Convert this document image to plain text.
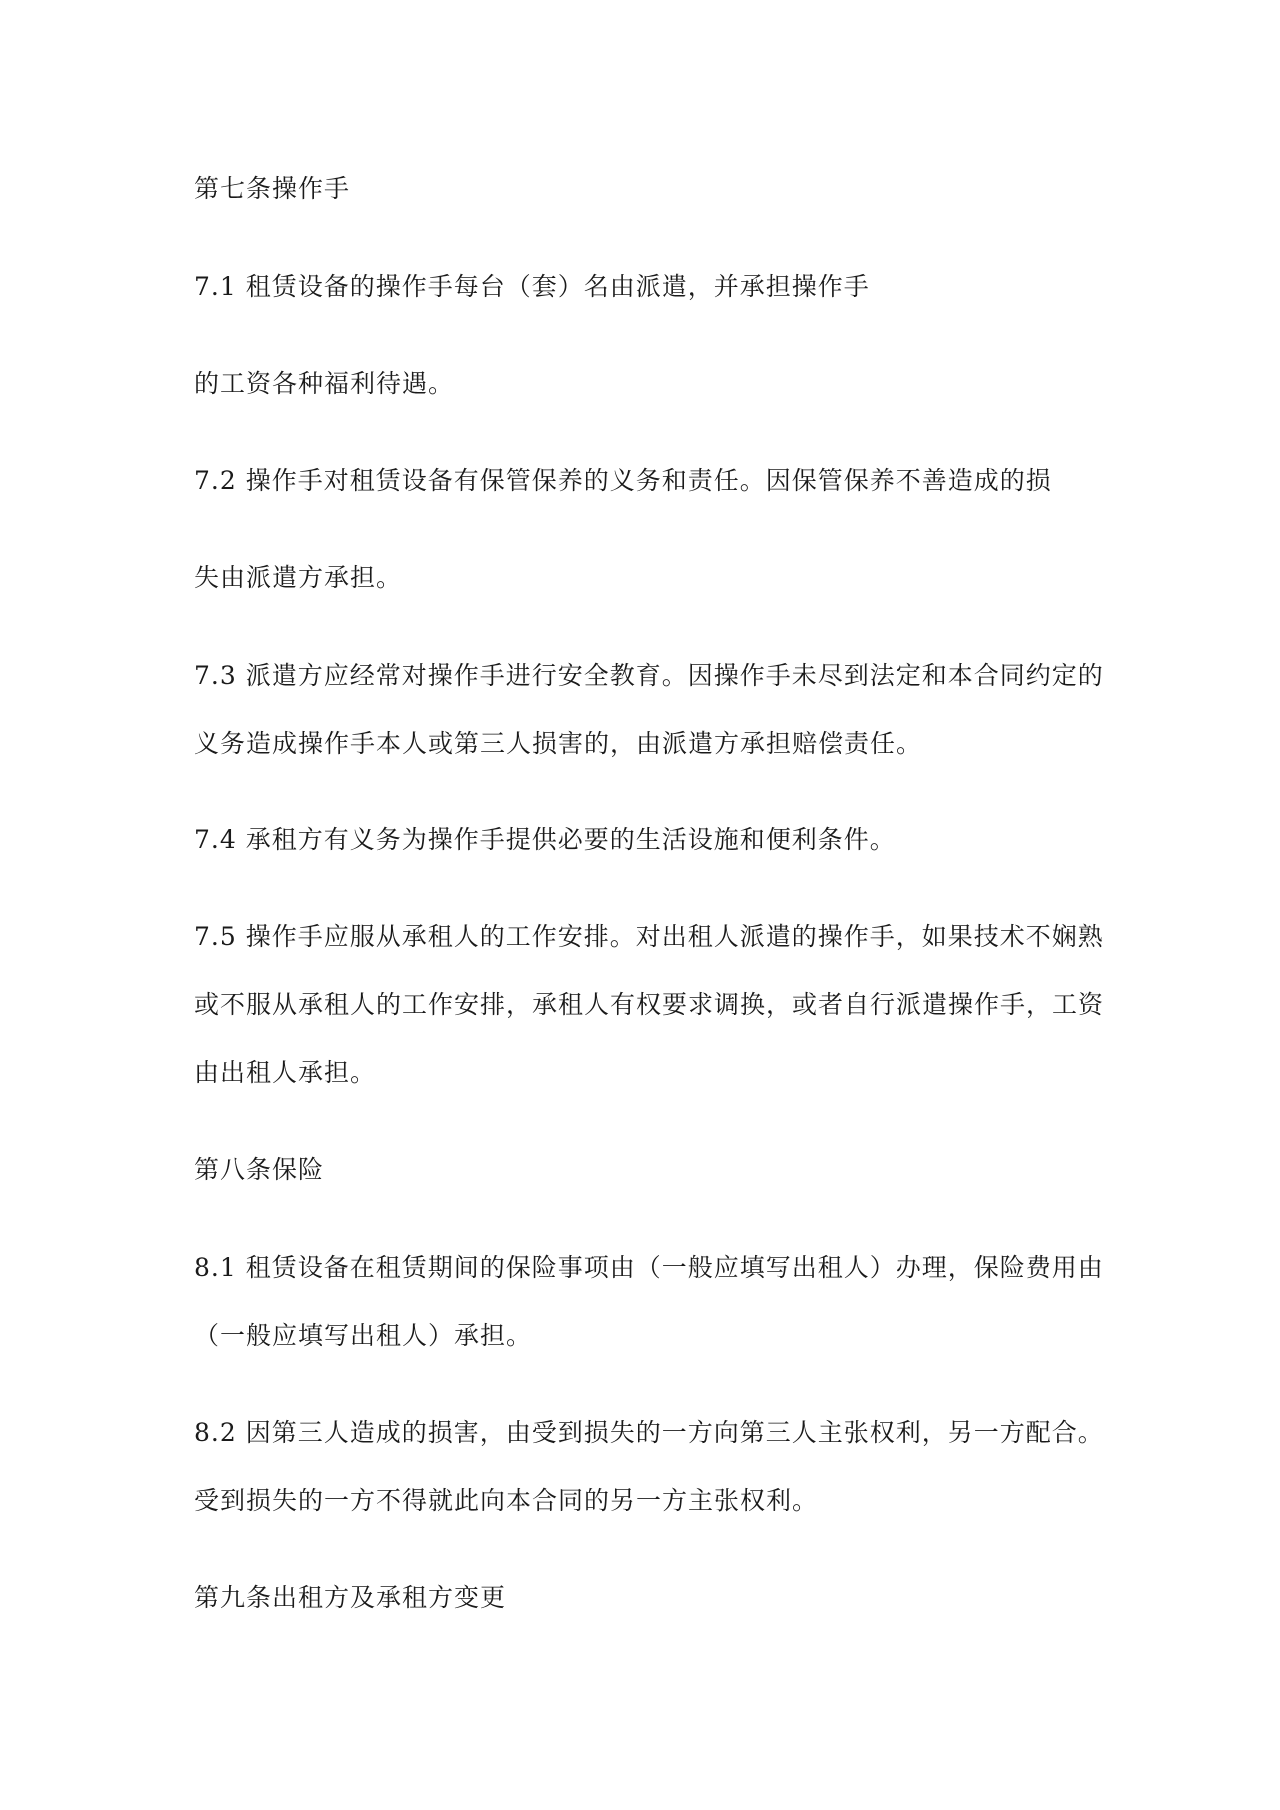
第七条操作手
7.1 租赁设备的操作手每台（套）名由派遣，并承担操作手
的工资各种福利待遇。
7.2 操作手对租赁设备有保管保养的义务和责任。因保管保养不善造成的损
失由派遣方承担。
7.3 派遣方应经常对操作手进行安全教育。因操作手未尽到法定和本合同约定的
义务造成操作手本人或第三人损害的，由派遣方承担赔偿责任。
7.4 承租方有义务为操作手提供必要的生活设施和便利条件。
7.5 操作手应服从承租人的工作安排。对出租人派遣的操作手，如果技术不娴熟
或不服从承租人的工作安排，承租人有权要求调换，或者自行派遣操作手，工资
由出租人承担。
第八条保险
8.1 租赁设备在租赁期间的保险事项由（一般应填写出租人）办理，保险费用由
（一般应填写出租人）承担。
8.2 因第三人造成的损害，由受到损失的一方向第三人主张权利，另一方配合。
受到损失的一方不得就此向本合同的另一方主张权利。
第九条出租方及承租方变更
